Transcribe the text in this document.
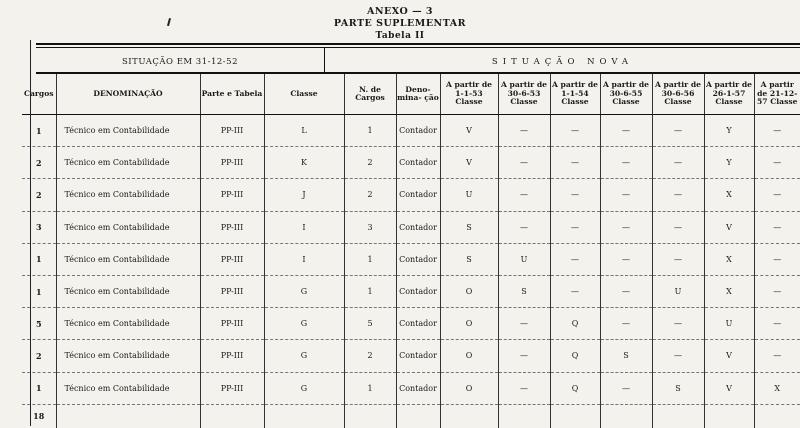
ANEXO — 3
PARTE SUPLEMENTAR
Tabela II
SITUAÇÃO EM 31-12-52	SITUAÇÃO NOVA
Cargos	DENOMINAÇÃO	Parte e Tabela	Classe	N. de Cargos	Deno- mina- ção	A partir de 1-1-53 Classe	A partir de 30-6-53 Classe	A partir de 1-1-54 Classe	A partir de 30-6-55 Classe	A partir de 30-6-56 Classe	A partir de 26-1-57 Classe	A partir de 21-12-57 Classe
1	Técnico em Contabilidade	PP-III	L	1	Contador	V	—	—	—	—	Y	—
2	Técnico em Contabilidade	PP-III	K	2	Contador	V	—	—	—	—	Y	—
2	Técnico em Contabilidade	PP-III	J	2	Contador	U	—	—	—	—	X	—
3	Técnico em Contabilidade	PP-III	I	3	Contador	S	—	—	—	—	V	—
1	Técnico em Contabilidade	PP-III	I	1	Contador	S	U	—	—	—	X	—
1	Técnico em Contabilidade	PP-III	G	1	Contador	O	S	—	—	U	X	—
5	Técnico em Contabilidade	PP-III	G	5	Contador	O	—	Q	—	—	U	—
2	Técnico em Contabilidade	PP-III	G	2	Contador	O	—	Q	S	—	V	—
1	Técnico em Contabilidade	PP-III	G	1	Contador	O	—	Q	—	S	V	X
18												
